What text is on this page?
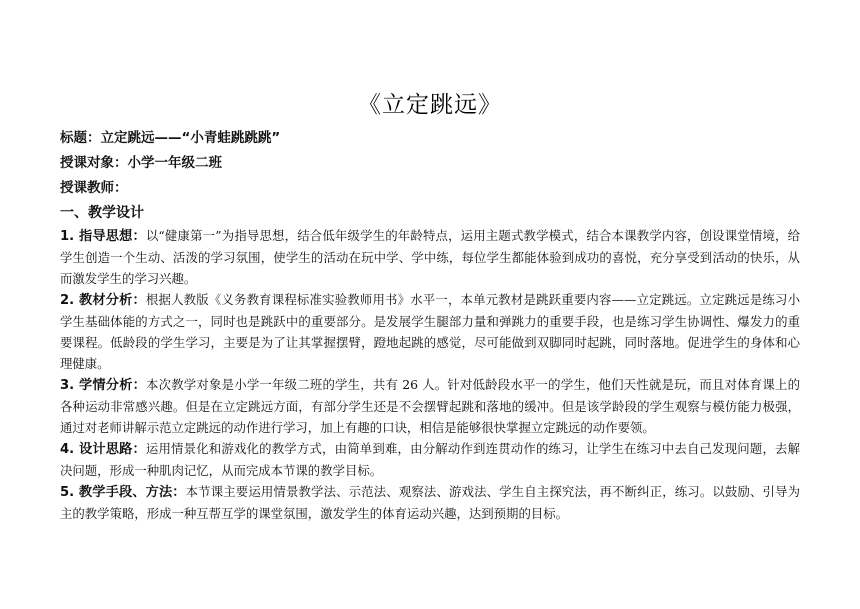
《立定跳远》
标题：立定跳远——“小青蛙跳跳跳”
授课对象：小学一年级二班
授课教师：
一、教学设计

1. 指导思想：以“健康第一”为指导思想，结合低年级学生的年龄特点，运用主题式教学模式，结合本课教学内容，创设课堂情境，给学生创造一个生动、活泼的学习氛围，使学生的活动在玩中学、学中练，每位学生都能体验到成功的喜悦，充分享受到活动的快乐，从而激发学生的学习兴趣。

2. 教材分析：根据人教版《义务教育课程标准实验教师用书》水平一，本单元教材是跳跃重要内容——立定跳远。立定跳远是练习小学生基础体能的方式之一，同时也是跳跃中的重要部分。是发展学生腿部力量和弹跳力的重要手段，也是练习学生协调性、爆发力的重要课程。低龄段的学生学习，主要是为了让其掌握摆臂，蹬地起跳的感觉，尽可能做到双脚同时起跳，同时落地。促进学生的身体和心理健康。

3. 学情分析：本次教学对象是小学一年级二班的学生，共有 26 人。针对低龄段水平一的学生，他们天性就是玩，而且对体育课上的各种运动非常感兴趣。但是在立定跳远方面，有部分学生还是不会摆臂起跳和落地的缓冲。但是该学龄段的学生观察与模仿能力极强，通过对老师讲解示范立定跳远的动作进行学习，加上有趣的口诀，相信是能够很快掌握立定跳远的动作要领。

4. 设计思路：运用情景化和游戏化的教学方式，由简单到难，由分解动作到连贯动作的练习，让学生在练习中去自己发现问题，去解决问题，形成一种肌肉记忆，从而完成本节课的教学目标。

5. 教学手段、方法：本节课主要运用情景教学法、示范法、观察法、游戏法、学生自主探究法，再不断纠正，练习。以鼓励、引导为主的教学策略，形成一种互帮互学的课堂氛围，激发学生的体育运动兴趣，达到预期的目标。
